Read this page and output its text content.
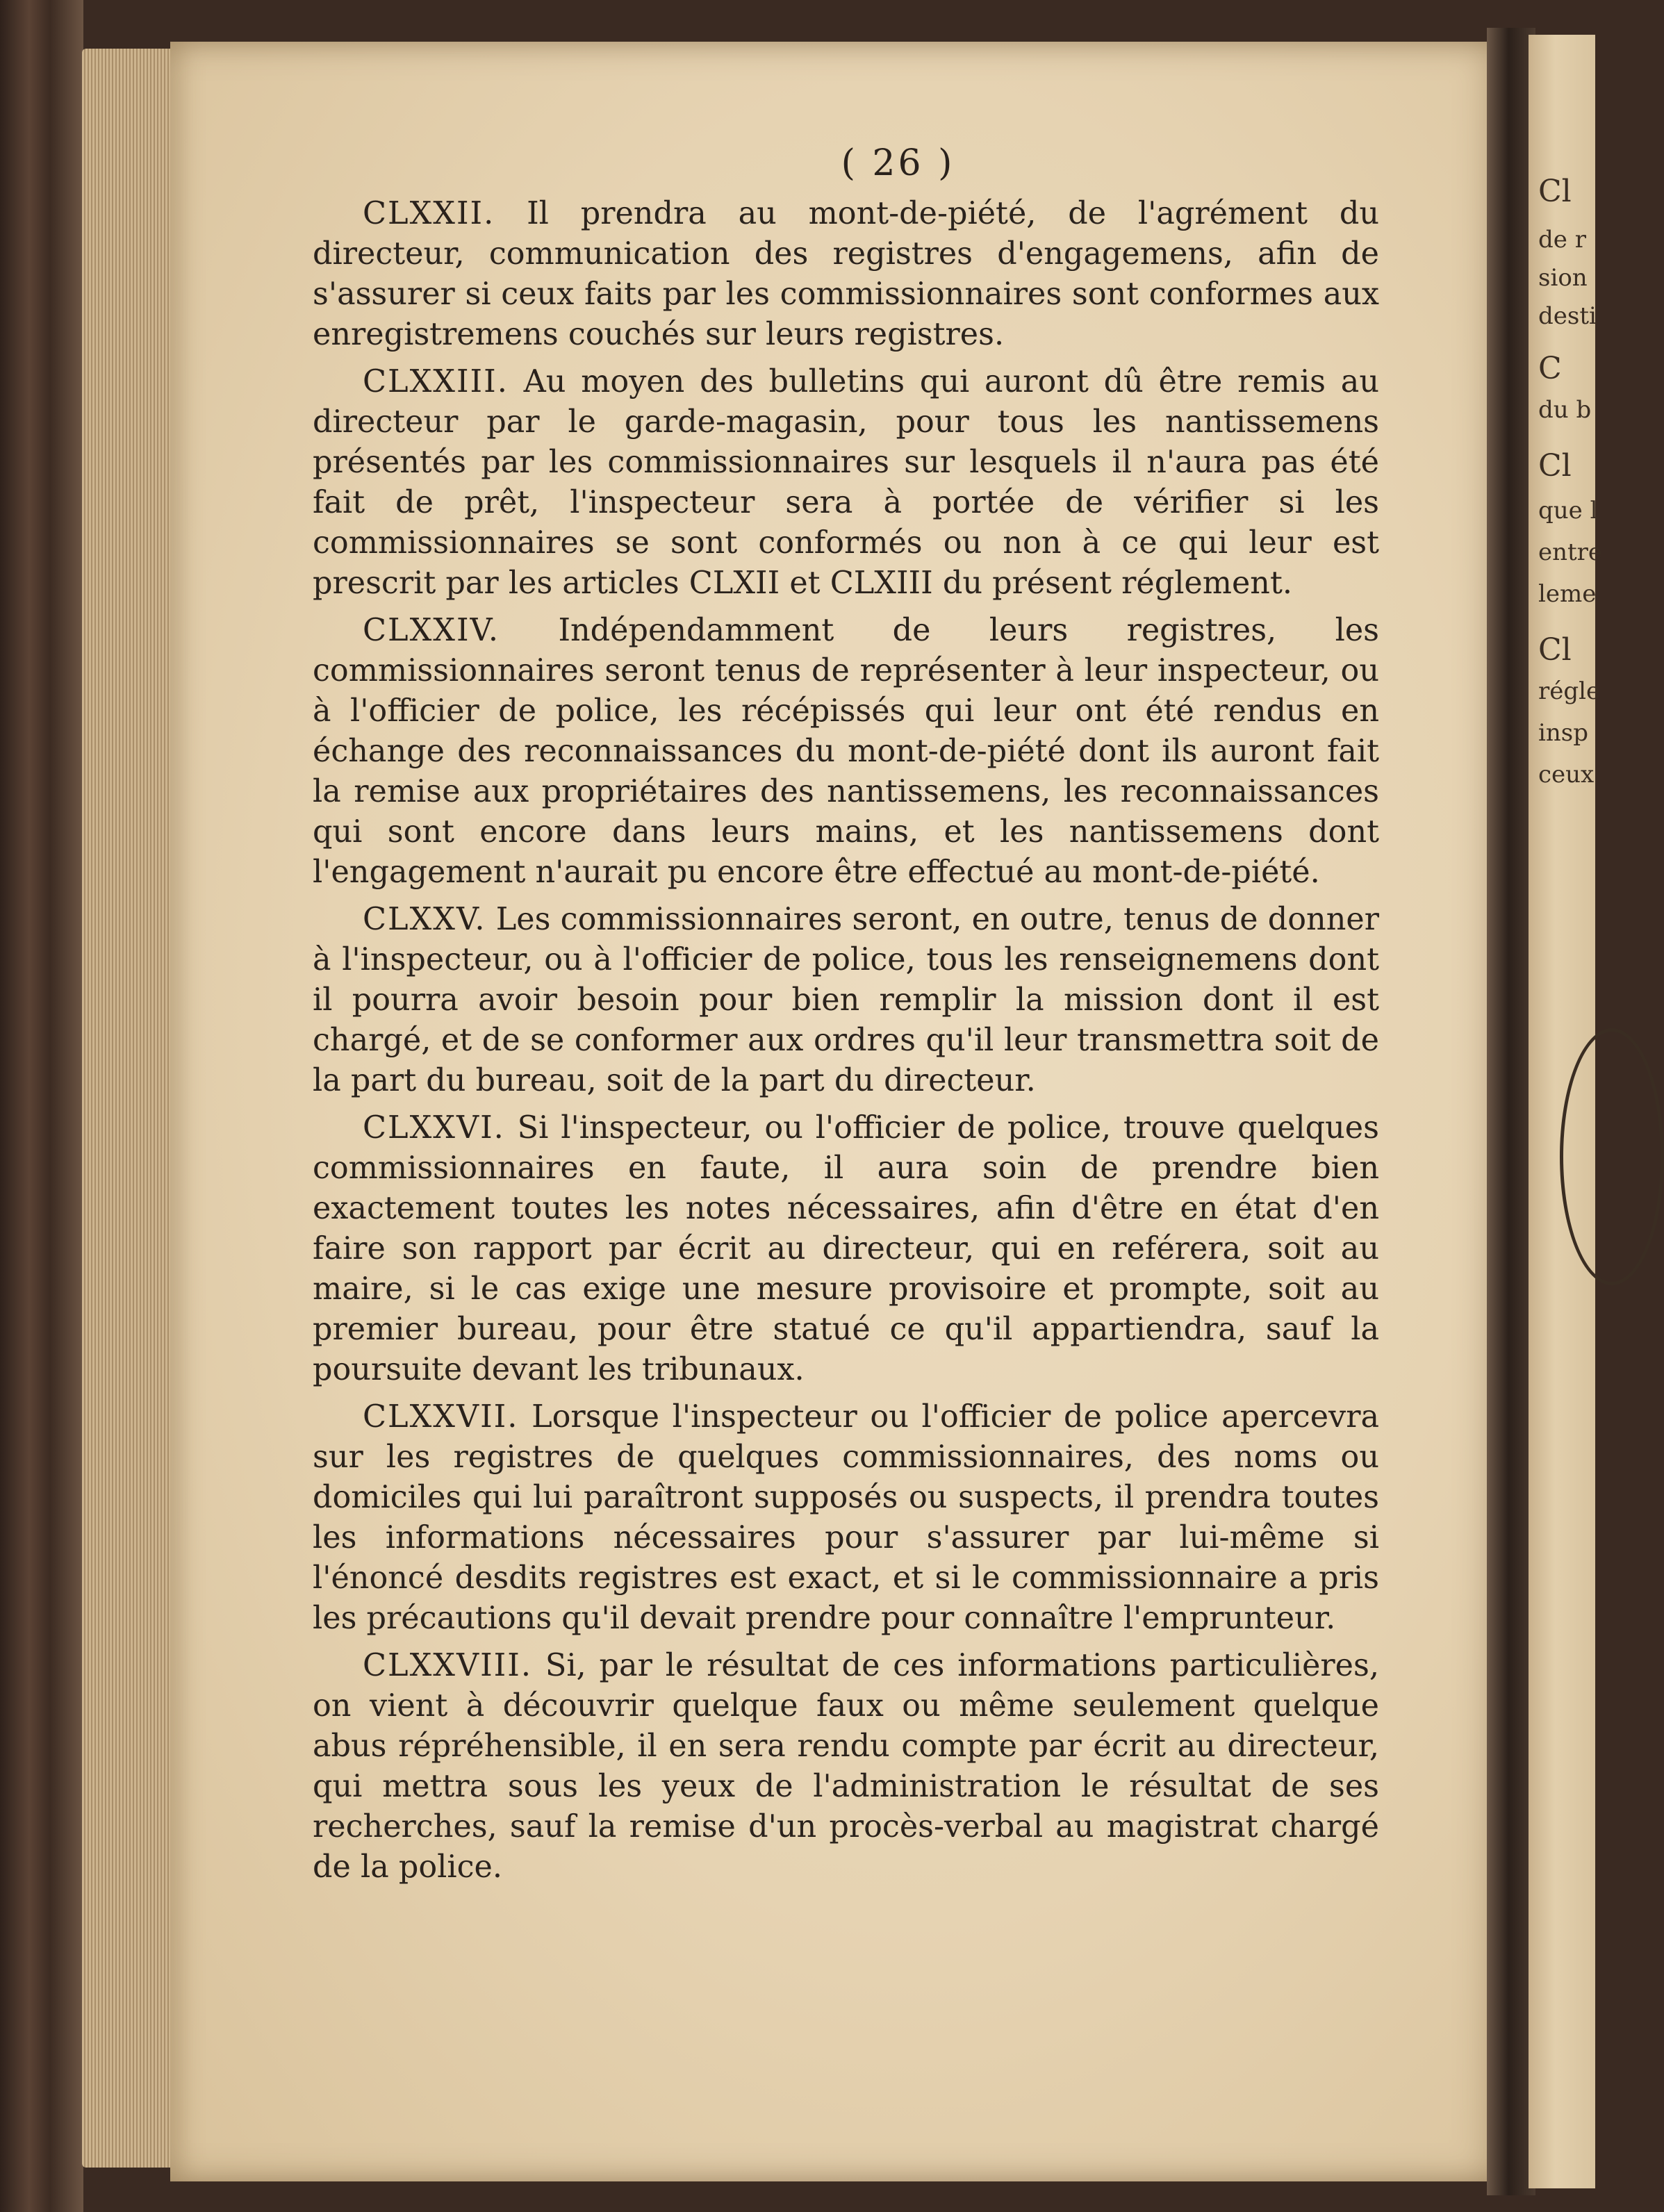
Cl
de r
sion
desti
C
du b
Cl
que l
entre
leme
Cl
régle
insp
ceux
( 26 )

CLXXII. Il prendra au mont-de-piété, de l'agrément du directeur, communication des registres d'engagemens, afin de s'assurer si ceux faits par les commissionnaires sont conformes aux enregistremens couchés sur leurs registres.

CLXXIII. Au moyen des bulletins qui auront dû être remis au directeur par le garde-magasin, pour tous les nantissemens présentés par les commissionnaires sur lesquels il n'aura pas été fait de prêt, l'inspecteur sera à portée de vérifier si les commissionnaires se sont conformés ou non à ce qui leur est prescrit par les articles CLXII et CLXIII du présent réglement.

CLXXIV. Indépendamment de leurs registres, les commissionnaires seront tenus de représenter à leur inspecteur, ou à l'officier de police, les récépissés qui leur ont été rendus en échange des reconnaissances du mont-de-piété dont ils auront fait la remise aux propriétaires des nantissemens, les reconnaissances qui sont encore dans leurs mains, et les nantissemens dont l'engagement n'aurait pu encore être effectué au mont-de-piété.

CLXXV. Les commissionnaires seront, en outre, tenus de donner à l'inspecteur, ou à l'officier de police, tous les renseignemens dont il pourra avoir besoin pour bien remplir la mission dont il est chargé, et de se conformer aux ordres qu'il leur transmettra soit de la part du bureau, soit de la part du directeur.

CLXXVI. Si l'inspecteur, ou l'officier de police, trouve quelques commissionnaires en faute, il aura soin de prendre bien exactement toutes les notes nécessaires, afin d'être en état d'en faire son rapport par écrit au directeur, qui en reférera, soit au maire, si le cas exige une mesure provisoire et prompte, soit au premier bureau, pour être statué ce qu'il appartiendra, sauf la poursuite devant les tribunaux.

CLXXVII. Lorsque l'inspecteur ou l'officier de police apercevra sur les registres de quelques commissionnaires, des noms ou domiciles qui lui paraîtront supposés ou suspects, il prendra toutes les informations nécessaires pour s'assurer par lui-même si l'énoncé desdits registres est exact, et si le commissionnaire a pris les précautions qu'il devait prendre pour connaître l'emprunteur.

CLXXVIII. Si, par le résultat de ces informations particulières, on vient à découvrir quelque faux ou même seulement quelque abus répréhensible, il en sera rendu compte par écrit au directeur, qui mettra sous les yeux de l'administration le résultat de ses recherches, sauf la remise d'un procès-verbal au magistrat chargé de la police.
